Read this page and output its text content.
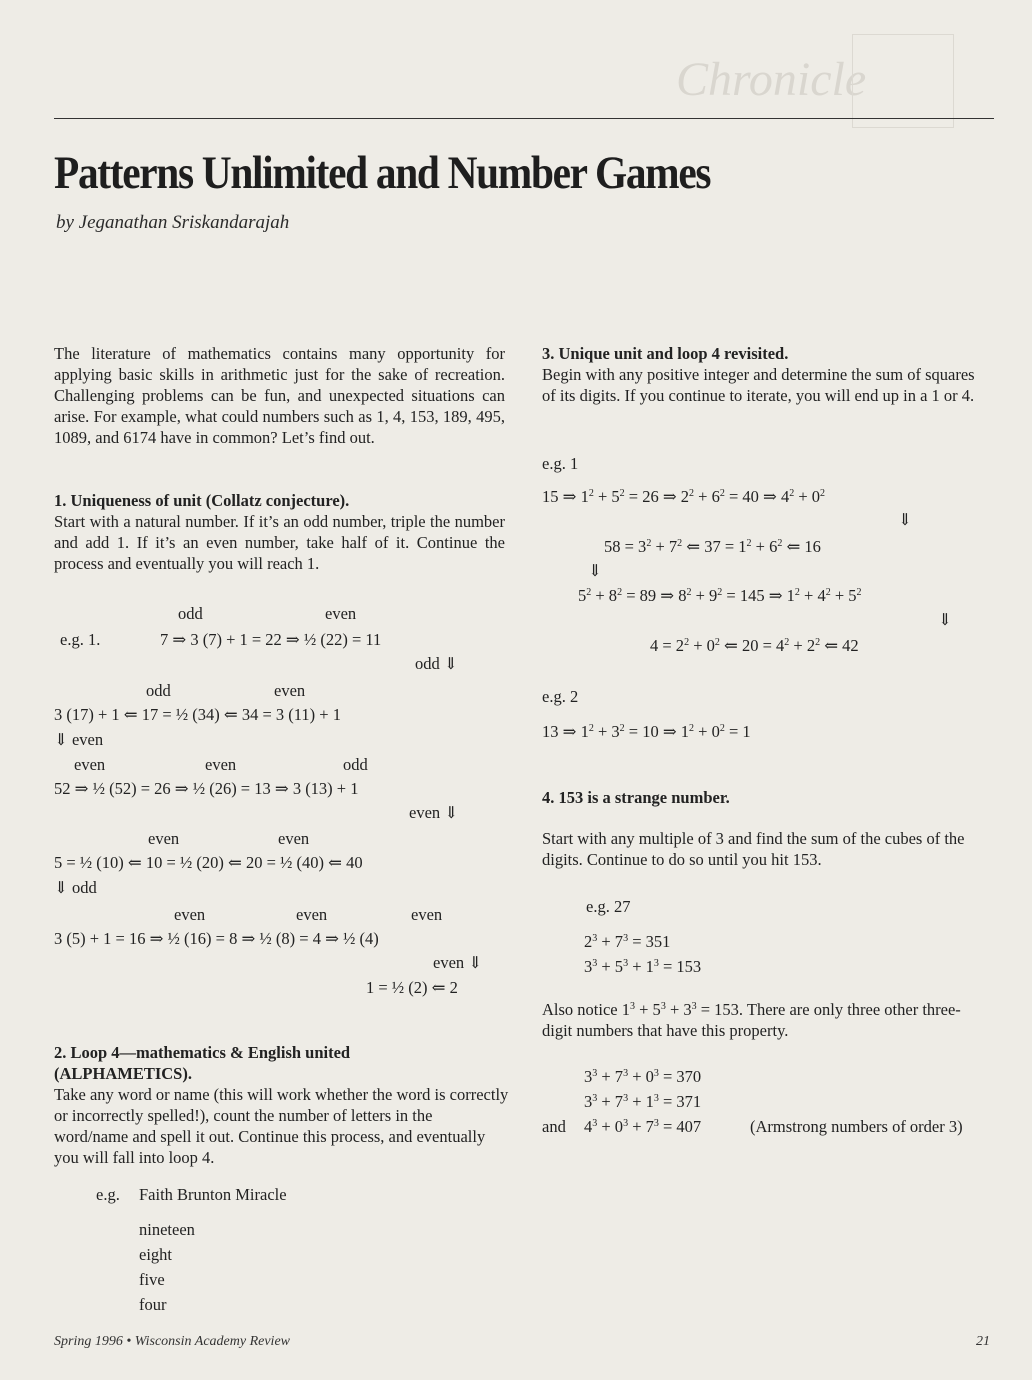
Chronicle
Patterns Unlimited and Number Games
by Jeganathan Sriskandarajah
The literature of mathematics contains many opportunity for applying basic skills in arithmetic just for the sake of recreation. Challenging problems can be fun, and unexpected situations can arise. For example, what could numbers such as 1, 4, 153, 189, 495, 1089, and 6174 have in common? Let’s find out.
1. Uniqueness of unit (Collatz conjecture).
Start with a natural number. If it’s an odd number, triple the number and add 1. If it’s an even number, take half of it. Continue the process and eventually you will reach 1.
odd	even
e.g. 1.	7 ⇒ 3 (7) + 1 = 22 ⇒ ½ (22) = 11
odd ⇓
odd	even
3 (17) + 1 ⇐ 17 = ½ (34) ⇐ 34 = 3 (11) + 1
⇓ even
even	even	odd
52 ⇒ ½ (52) = 26 ⇒ ½ (26) = 13 ⇒ 3 (13) + 1
even ⇓
even	even
5 = ½ (10) ⇐ 10 = ½ (20) ⇐ 20 = ½ (40) ⇐ 40
⇓ odd
even	even	even
3 (5) + 1 = 16 ⇒ ½ (16) = 8 ⇒ ½ (8) = 4 ⇒ ½ (4)
even ⇓
1 = ½ (2) ⇐ 2
2. Loop 4—mathematics & English united
(ALPHAMETICS).
Take any word or name (this will work whether the word is correctly or incorrectly spelled!), count the number of letters in the word/name and spell it out. Continue this process, and eventually you will fall into loop 4.
e.g. Faith Brunton Miracle
nineteen
eight
five
four
3. Unique unit and loop 4 revisited.
Begin with any positive integer and determine the sum of squares of its digits. If you continue to iterate, you will end up in a 1 or 4.
e.g. 1
15 ⇒ $1^2 + 5^2 = 26$ ⇒ $2^2 + 6^2 = 40$ ⇒ $4^2 + 0^2$
⇓
$58 = 3^2 + 7^2$ ⇐ $37 = 1^2 + 6^2$ ⇐ 16
⇓
$5^2 + 8^2 = 89$ ⇒ $8^2 + 9^2 = 145$ ⇒ $1^2 + 4^2 + 5^2$
⇓
$4 = 2^2 + 0^2$ ⇐ $20 = 4^2 + 2^2$ ⇐ 42
e.g. 2
13 ⇒ $1^2 + 3^2 = 10$ ⇒ $1^2 + 0^2 = 1$
4. 153 is a strange number.
Start with any multiple of 3 and find the sum of the cubes of the digits. Continue to do so until you hit 153.
e.g. 27
$2^3 + 7^3 = 351$
$3^3 + 5^3 + 1^3 = 153$
Also notice $1^3 + 5^3 + 3^3 = 153$. There are only three other three-digit numbers that have this property.
$3^3 + 7^3 + 0^3 = 370$
$3^3 + 7^3 + 1^3 = 371$
and $4^3 + 0^3 + 7^3 = 407$	(Armstrong numbers of order 3)
Spring 1996 • Wisconsin Academy Review	21
